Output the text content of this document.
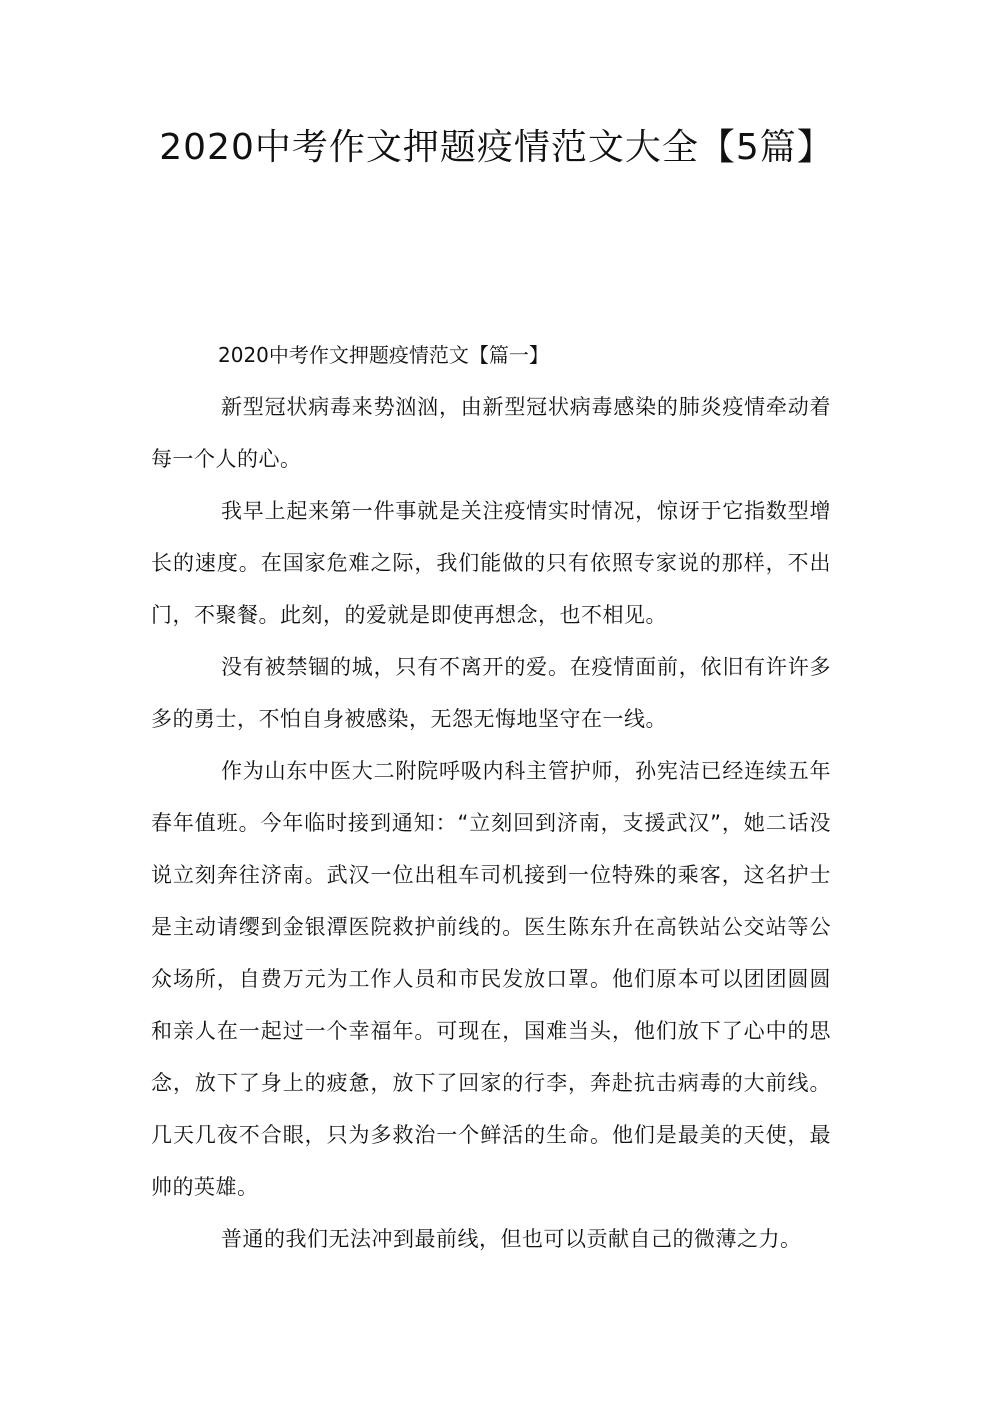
2020中考作文押题疫情范文大全【5篇】
2020中考作文押题疫情范文【篇一】

新型冠状病毒来势汹汹，由新型冠状病毒感染的肺炎疫情牵动着每一个人的心。

我早上起来第一件事就是关注疫情实时情况，惊讶于它指数型增长的速度。在国家危难之际，我们能做的只有依照专家说的那样，不出门，不聚餐。此刻，的爱就是即使再想念，也不相见。

没有被禁锢的城，只有不离开的爱。在疫情面前，依旧有许许多多的勇士，不怕自身被感染，无怨无悔地坚守在一线。

作为山东中医大二附院呼吸内科主管护师，孙宪洁已经连续五年春年值班。今年临时接到通知：“立刻回到济南，支援武汉”，她二话没说立刻奔往济南。武汉一位出租车司机接到一位特殊的乘客，这名护士是主动请缨到金银潭医院救护前线的。医生陈东升在高铁站公交站等公众场所，自费万元为工作人员和市民发放口罩。他们原本可以团团圆圆和亲人在一起过一个幸福年。可现在，国难当头，他们放下了心中的思念，放下了身上的疲惫，放下了回家的行李，奔赴抗击病毒的大前线。几天几夜不合眼，只为多救治一个鲜活的生命。他们是最美的天使，最帅的英雄。

普通的我们无法冲到最前线，但也可以贡献自己的微薄之力。
